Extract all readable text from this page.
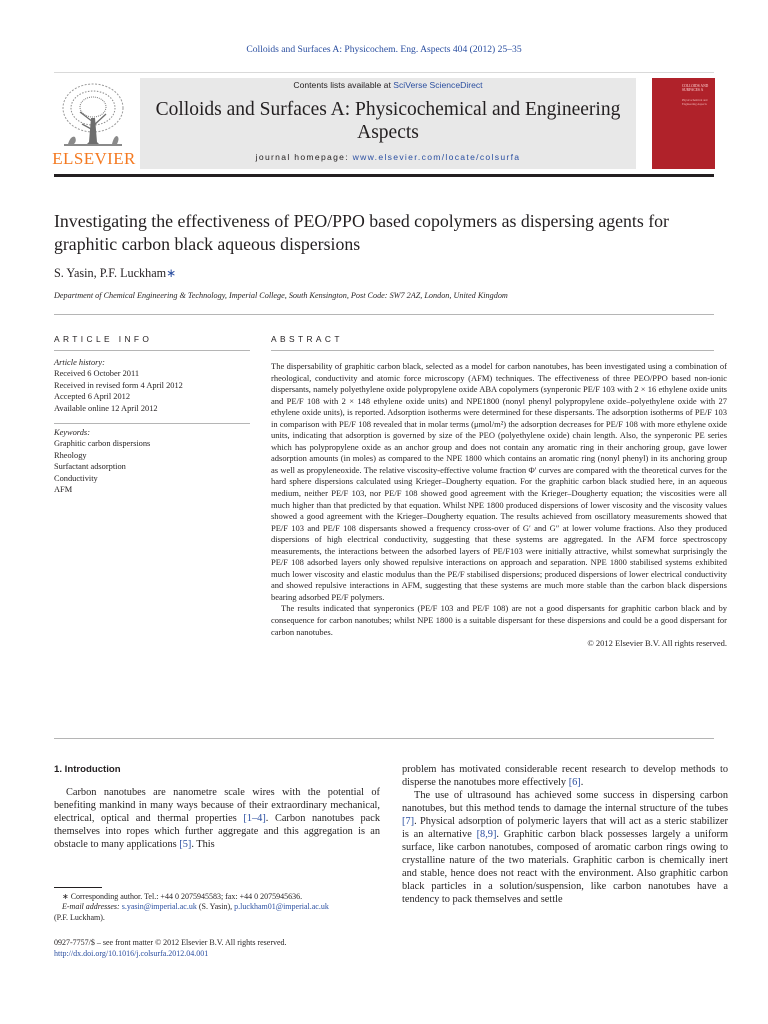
Colloids and Surfaces A: Physicochem. Eng. Aspects 404 (2012) 25–35
ELSEVIER
Contents lists available at SciVerse ScienceDirect
Colloids and Surfaces A: Physicochemical and Engineering Aspects
journal homepage: www.elsevier.com/locate/colsurfa
COLLOIDS AND SURFACES A
Physicochemical and Engineering Aspects
Investigating the effectiveness of PEO/PPO based copolymers as dispersing agents for graphitic carbon black aqueous dispersions
S. Yasin, P.F. Luckham∗
Department of Chemical Engineering & Technology, Imperial College, South Kensington, Post Code: SW7 2AZ, London, United Kingdom
ARTICLE INFO
Article history:
Received 6 October 2011
Received in revised form 4 April 2012
Accepted 6 April 2012
Available online 12 April 2012
Keywords:
Graphitic carbon dispersions
Rheology
Surfactant adsorption
Conductivity
AFM
ABSTRACT

The dispersability of graphitic carbon black, selected as a model for carbon nanotubes, has been investigated using a combination of rheological, conductivity and atomic force microscopy (AFM) techniques. The effectiveness of three PEO/PPO based non-ionic dispersants, namely polyethylene oxide polypropylene oxide ABA copolymers (synperonic PE/F 103 with 2 × 16 ethylene oxide units and PE/F 108 with 2 × 148 ethylene oxide units) and NPE1800 (nonyl phenyl polypropylene oxide–polyethylene oxide with 27 ethylene oxide units), is reported. Adsorption isotherms were determined for these dispersants. The adsorption isotherms of PE/F 103 in comparison with PE/F 108 revealed that in molar terms (μmol/m²) the adsorption decreases for PE/F 108 with more ethylene oxide units, indicating that adsorption is governed by size of the PEO (polyethylene oxide) chain length. Also, the synperonic PE series which has polypropylene oxide as an anchor group and does not contain any aromatic ring in their anchoring group, gave lower adsorption amounts (in moles) as compared to the NPE 1800 which contains an aromatic ring (nonyl phenyl) in its anchoring group as well as propyleneoxide. The relative viscosity-effective volume fraction Φ′ curves are compared with the theoretical curves for the hard sphere dispersions calculated using Krieger–Dougherty equation. For the graphitic carbon black studied here, in an aqueous medium, neither PE/F 103, nor PE/F 108 showed good agreement with the Krieger–Dougherty equation; the viscosities were all much higher than that predicted by that equation. Whilst NPE 1800 produced dispersions of lower viscosity and the viscosity values showed a good agreement with the Krieger–Dougherty equation. The results achieved from oscillatory measurements showed that PE/F 103 and PE/F 108 dispersants showed a frequency cross-over of G′ and G″ at lower volume fractions. Also they produced dispersions of high electrical conductivity, suggesting that these systems are aggregated. In the AFM force spectroscopy measurements, the interactions between the adsorbed layers of PE/F103 were initially attractive, whilst somewhat surprisingly the PE/F 108 adsorbed layers only showed repulsive interactions on approach and separation. NPE 1800 stabilised systems exhibited much lower viscosity and elastic modulus than the PE/F stabilised dispersions; produced dispersions of lower electrical conductivity and showed repulsive interactions in AFM, suggesting that these systems are much more stable than the carbon black dispersions bearing adsorbed PE/F polymers.

The results indicated that synperonics (PE/F 103 and PE/F 108) are not a good dispersants for graphitic carbon black and by consequence for carbon nanotubes; whilst NPE 1800 is a suitable dispersant for these dispersions and could be a good dispersant for carbon nanotubes.

© 2012 Elsevier B.V. All rights reserved.

1. Introduction

Carbon nanotubes are nanometre scale wires with the potential of benefiting mankind in many ways because of their extraordinary mechanical, electrical, optical and thermal properties [1–4]. Carbon nanotubes pack themselves into ropes which further aggregate and this aggregation is an obstacle to many applications [5]. This

∗ Corresponding author. Tel.: +44 0 2075945583; fax: +44 0 2075945636.
E-mail addresses: s.yasin@imperial.ac.uk (S. Yasin), p.luckham01@imperial.ac.uk
(P.F. Luckham).
0927-7757/$ – see front matter © 2012 Elsevier B.V. All rights reserved.
http://dx.doi.org/10.1016/j.colsurfa.2012.04.001

problem has motivated considerable recent research to develop methods to disperse the nanotubes more effectively [6].

The use of ultrasound has achieved some success in dispersing carbon nanotubes, but this method tends to damage the internal structure of the tubes [7]. Physical adsorption of polymeric layers that will act as a steric stabilizer is an alternative [8,9]. Graphitic carbon black possesses largely a uniform surface, like carbon nanotubes, composed of aromatic carbon rings owing to crystalline nature of the two materials. Graphitic carbon is chemically inert and stable, hence does not react with the environment. Also graphitic carbon black particles in a solution/suspension, like carbon nanotubes have a tendency to pack themselves and settle
